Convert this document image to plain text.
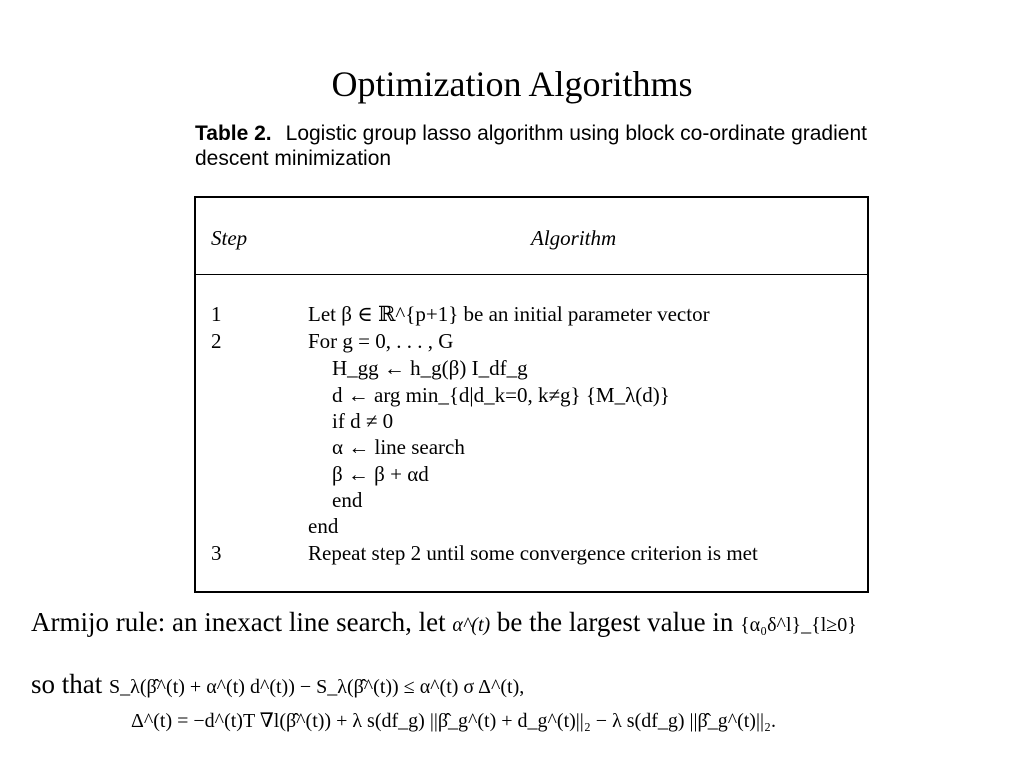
Optimization Algorithms
Table 2. Logistic group lasso algorithm using block co-ordinate gradient descent minimization
Step	Algorithm
1	Let β ∈ ℝ^{p+1} be an initial parameter vector
2	For g = 0, . . . , G
H_gg ← h_g(β) I_df_g
d ← arg min_{d|d_k=0, k≠g} {M_λ(d)}
if d ≠ 0
α ← line search
β ← β + αd
end
end
3	Repeat step 2 until some convergence criterion is met
Armijo rule: an inexact line search, let α^(t) be the largest value in {α₀δ^l}_{l≥0}
so that S_λ(β̂^(t) + α^(t) d^(t)) − S_λ(β̂^(t)) ≤ α^(t) σ Δ^(t),
Δ^(t) = −d^(t)T ∇l(β̂^(t)) + λ s(df_g) ||β̂_g^(t) + d_g^(t)||₂ − λ s(df_g) ||β̂_g^(t)||₂.
